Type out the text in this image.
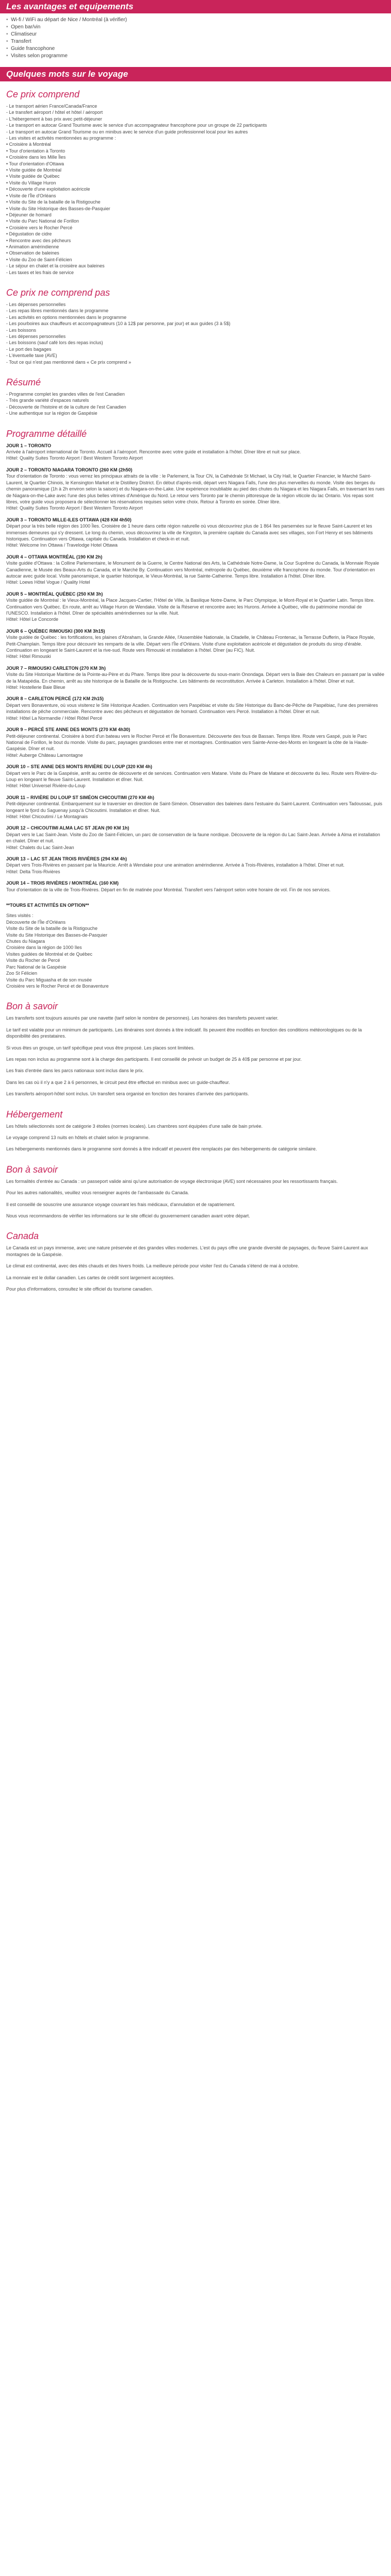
Les avantages et equipements
•  Wi-fi / WiFi au départ de Nice / Montréal (à vérifier)
•  Open bar/vin
•  Climatiseur
•  Transfert
•  Guide francophone
•  Visites selon programme
Quelques mots sur le voyage
Ce prix comprend

- Le transport aérien France/Canada/France

- Le transfert aéroport / hôtel et hôtel / aéroport

- L'hébergement à bas prix avec petit-déjeuner

- Le transport en autocar Grand Tourisme avec le service d'un accompagnateur francophone pour un groupe de 22 participants

- Le transport en autocar Grand Tourisme ou en minibus avec le service d'un guide professionnel local pour les autres

- Les visites et activités mentionnées au programme :

• Croisière à Montréal

• Tour d'orientation à Toronto

• Croisière dans les Mille Îles

• Tour d'orientation d'Ottawa

• Visite guidée de Montréal

• Visite guidée de Québec

• Visite du Village Huron

• Découverte d'une exploitation acéricole

• Visite de l'Île d'Orléans

• Visite du Site de la bataille de la Ristigouche

• Visite du Site Historique des Basses-de-Pasquier

• Déjeuner de homard

• Visite du Parc National de Forillon

• Croisière vers le Rocher Percé

• Dégustation de cidre

• Rencontre avec des pêcheurs

• Animation amérindienne

• Observation de baleines

• Visite du Zoo de Saint-Félicien

- Le séjour en chalet et la croisière aux baleines

- Les taxes et les frais de service

Ce prix ne comprend pas

- Les dépenses personnelles

- Les repas libres mentionnés dans le programme

- Les activités en options mentionnées dans le programme

- Les pourboires aux chauffeurs et accompagnateurs (10 à 12$ par personne, par jour) et aux guides (3 à 5$)

- Les boissons

- Les dépenses personnelles

- Les boissons (sauf café lors des repas inclus)

- Le port des bagages

- L'éventuelle taxe (AVE)

- Tout ce qui n'est pas mentionné dans « Ce prix comprend »

Résumé

- Programme complet les grandes villes de l'est Canadien

- Très grande variété d'espaces naturels

- Découverte de l'histoire et de la culture de l'est Canadien

- Une authentique sur la région de Gaspésie

Programme détaillé

JOUR 1 – TORONTO

Arrivée à l'aéroport international de Toronto. Accueil à l'aéroport. Rencontre avec votre guide et installation à l'hôtel. Dîner libre et nuit sur place.

Hôtel: Quality Suites Toronto Airport / Best Western Toronto Airport

JOUR 2 – TORONTO NIAGARA TORONTO (260 KM (2h50)

Tour d'orientation de Toronto : vous verrez les principaux attraits de la ville : le Parlement, la Tour CN, la Cathédrale St Michael, la City Hall, le Quartier Financier, le Marché Saint-Laurent, le Quartier Chinois, le Kensington Market et le Distillery District. En début d'après-midi, départ vers Niagara Falls, l'une des plus merveilles du monde. Visite des berges du chemin panoramique (1h à 2h environ selon la saison) et du Niagara-on-the-Lake. Une expérience inoubliable au pied des chutes du Niagara et les Niagara Falls, en traversant les rues de Niagara-on-the-Lake avec l'une des plus belles vitrines d'Amérique du Nord. Le retour vers Toronto par le chemin pittoresque de la région viticole du lac Ontario. Vos repas sont libres, votre guide vous proposera de sélectionner les réservations requises selon votre choix. Retour à Toronto en soirée. Dîner libre.

Hôtel: Quality Suites Toronto Airport / Best Western Toronto Airport

JOUR 3 – TORONTO MILLE-ILES OTTAWA (428 KM 4h50)

Départ pour la très belle région des 1000 Îles. Croisière de 1 heure dans cette région naturelle où vous découvrirez plus de 1 864 îles parsemées sur le fleuve Saint-Laurent et les immenses demeures qui s'y dressent. Le long du chemin, vous découvrirez la ville de Kingston, la première capitale du Canada avec ses villages, son Fort Henry et ses bâtiments historiques. Continuation vers Ottawa, capitale du Canada. Installation et check-in et nuit.

Hôtel: Welcome Inn Ottawa / Travelodge Hotel Ottawa

JOUR 4 – OTTAWA MONTRÉAL (190 KM 2h)

Visite guidée d'Ottawa : la Colline Parlementaire, le Monument de la Guerre, le Centre National des Arts, la Cathédrale Notre-Dame, la Cour Suprême du Canada, la Monnaie Royale Canadienne, le Musée des Beaux-Arts du Canada, et le Marché By. Continuation vers Montréal, métropole du Québec, deuxième ville francophone du monde. Tour d'orientation en autocar avec guide local. Visite panoramique, le quartier historique, le Vieux-Montréal, la rue Sainte-Catherine. Temps libre. Installation à l'hôtel. Dîner libre.

Hôtel: Loews Hôtel Vogue / Quality Hotel

JOUR 5 – MONTRÉAL QUÉBEC (250 KM 3h)

Visite guidée de Montréal : le Vieux-Montréal, la Place Jacques-Cartier, l'Hôtel de Ville, la Basilique Notre-Dame, le Parc Olympique, le Mont-Royal et le Quartier Latin. Temps libre. Continuation vers Québec. En route, arrêt au Village Huron de Wendake. Visite de la Réserve et rencontre avec les Hurons. Arrivée à Québec, ville du patrimoine mondial de l'UNESCO. Installation à l'hôtel. Dîner de spécialités amérindiennes sur la ville. Nuit.

Hôtel: Hôtel Le Concorde

JOUR 6 – QUÉBEC RIMOUSKI (300 KM 3h15)

Visite guidée de Québec : les fortifications, les plaines d'Abraham, la Grande Allée, l'Assemblée Nationale, la Citadelle, le Château Frontenac, la Terrasse Dufferin, la Place Royale, Petit-Champlain. Temps libre pour découvrir les remparts de la ville. Départ vers l'Île d'Orléans. Visite d'une exploitation acéricole et dégustation de produits du sirop d'érable. Continuation en longeant le Saint-Laurent et la rive-sud. Route vers Rimouski et installation à l'hôtel. Dîner (au FIC). Nuit.

Hôtel: Hôtel Rimouski

JOUR 7 – RIMOUSKI CARLETON (270 KM 3h)

Visite du Site Historique Maritime de la Pointe-au-Père et du Phare. Temps libre pour la découverte du sous-marin Onondaga. Départ vers la Baie des Chaleurs en passant par la vallée de la Matapédia. En chemin, arrêt au site historique de la Bataille de la Ristigouche. Les bâtiments de reconstitution. Arrivée à Carleton. Installation à l'hôtel. Dîner et nuit.

Hôtel: Hostellerie Baie Bleue

JOUR 8 – CARLETON PERCÉ (172 KM 2h15)

Départ vers Bonaventure, où vous visiterez le Site Historique Acadien. Continuation vers Paspébiac et visite du Site Historique du Banc-de-Pêche de Paspébiac, l'une des premières installations de pêche commerciale. Rencontre avec des pêcheurs et dégustation de homard. Continuation vers Percé. Installation à l'hôtel. Dîner et nuit.

Hôtel: Hôtel La Normandie / Hôtel Riôtel Percé

JOUR 9 – PERCÉ STE ANNE DES MONTS (270 KM 4h30)

Petit-déjeuner continental. Croisière à bord d'un bateau vers le Rocher Percé et l'Île Bonaventure. Découverte des fous de Bassan. Temps libre. Route vers Gaspé, puis le Parc National de Forillon, le bout du monde. Visite du parc, paysages grandioses entre mer et montagnes. Continuation vers Sainte-Anne-des-Monts en longeant la côte de la Haute-Gaspésie. Dîner et nuit.

Hôtel: Auberge Château Lamontagne

JOUR 10 – STE ANNE DES MONTS RIVIÈRE DU LOUP (320 KM 4h)

Départ vers le Parc de la Gaspésie, arrêt au centre de découverte et de services. Continuation vers Matane. Visite du Phare de Matane et découverte du lieu. Route vers Rivière-du-Loup en longeant le fleuve Saint-Laurent. Installation et dîner. Nuit.

Hôtel: Hôtel Universel Rivière-du-Loup

JOUR 11 – RIVIÈRE DU LOUP ST SIMÉON CHICOUTIMI (270 KM 4h)

Petit-déjeuner continental. Embarquement sur le traversier en direction de Saint-Siméon. Observation des baleines dans l'estuaire du Saint-Laurent. Continuation vers Tadoussac, puis longeant le fjord du Saguenay jusqu'à Chicoutimi. Installation et dîner. Nuit.

Hôtel: Hôtel Chicoutimi / Le Montagnais

JOUR 12 – CHICOUTIMI ALMA LAC ST JEAN (90 KM 1h)

Départ vers le Lac Saint-Jean. Visite du Zoo de Saint-Félicien, un parc de conservation de la faune nordique. Découverte de la région du Lac Saint-Jean. Arrivée à Alma et installation en chalet. Dîner et nuit.

Hôtel: Chalets du Lac Saint-Jean

JOUR 13 – LAC ST JEAN TROIS RIVIÈRES (294 KM 4h)

Départ vers Trois-Rivières en passant par la Mauricie. Arrêt à Wendake pour une animation amérindienne. Arrivée à Trois-Rivières, installation à l'hôtel. Dîner et nuit.

Hôtel: Delta Trois-Rivières

JOUR 14 – TROIS RIVIÈRES / MONTRÉAL (160 KM)

Tour d'orientation de la ville de Trois-Rivières. Départ en fin de matinée pour Montréal. Transfert vers l'aéroport selon votre horaire de vol. Fin de nos services.

**TOURS ET ACTIVITÉS EN OPTION**

Sites visités :

Découverte de l'Île d'Orléans

Visite du Site de la bataille de la Ristigouche

Visite du Site Historique des Basses-de-Pasquier

Chutes du Niagara

Croisière dans la région de 1000 îles

Visites guidées de Montréal et de Québec

Visite du Rocher de Percé

Parc National de la Gaspésie

Zoo St Félicien

Visite du Parc Miguasha et de son musée

Croisière vers le Rocher Percé et de Bonaventure

Bon à savoir

Les transferts sont toujours assurés par une navette (tarif selon le nombre de personnes). Les horaires des transferts peuvent varier.

Le tarif est valable pour un minimum de participants. Les itinéraires sont donnés à titre indicatif. Ils peuvent être modifiés en fonction des conditions météorologiques ou de la disponibilité des prestataires.

Si vous êtes un groupe, un tarif spécifique peut vous être proposé. Les places sont limitées.

Les repas non inclus au programme sont à la charge des participants. Il est conseillé de prévoir un budget de 25 à 40$ par personne et par jour.

Les frais d'entrée dans les parcs nationaux sont inclus dans le prix.

Dans les cas où il n'y a que 2 à 6 personnes, le circuit peut être effectué en minibus avec un guide-chauffeur.

Les transferts aéroport-hôtel sont inclus. Un transfert sera organisé en fonction des horaires d'arrivée des participants.

Hébergement

Les hôtels sélectionnés sont de catégorie 3 étoiles (normes locales). Les chambres sont équipées d'une salle de bain privée.

Le voyage comprend 13 nuits en hôtels et chalet selon le programme.

Les hébergements mentionnés dans le programme sont donnés à titre indicatif et peuvent être remplacés par des hébergements de catégorie similaire.

Bon à savoir

Les formalités d'entrée au Canada : un passeport valide ainsi qu'une autorisation de voyage électronique (AVE) sont nécessaires pour les ressortissants français.

Pour les autres nationalités, veuillez vous renseigner auprès de l'ambassade du Canada.

Il est conseillé de souscrire une assurance voyage couvrant les frais médicaux, d'annulation et de rapatriement.

Nous vous recommandons de vérifier les informations sur le site officiel du gouvernement canadien avant votre départ.

Canada

Le Canada est un pays immense, avec une nature préservée et des grandes villes modernes. L'est du pays offre une grande diversité de paysages, du fleuve Saint-Laurent aux montagnes de la Gaspésie.

Le climat est continental, avec des étés chauds et des hivers froids. La meilleure période pour visiter l'est du Canada s'étend de mai à octobre.

La monnaie est le dollar canadien. Les cartes de crédit sont largement acceptées.

Pour plus d'informations, consultez le site officiel du tourisme canadien.
